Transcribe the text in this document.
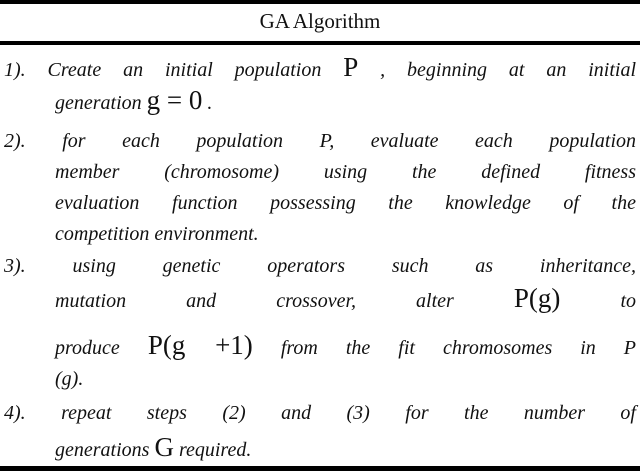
GA Algorithm
1). Create an initial population P , beginning at an initial
generation g = 0 .
2). for each population P, evaluate each population
member (chromosome) using the defined fitness
evaluation function possessing the knowledge of the
competition environment.
3). using genetic operators such as inheritance,
mutation and crossover, alter P(g)	to
produce P(g +1) from the fit chromosomes in P
(g).
4). repeat steps (2) and (3) for the number of
generations G required.
